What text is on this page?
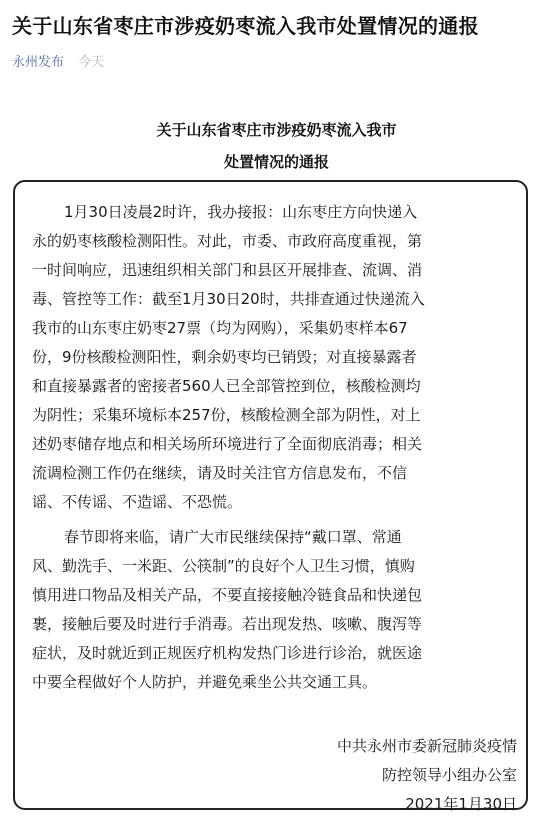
关于山东省枣庄市涉疫奶枣流入我市处置情况的通报
永州发布 今天
关于山东省枣庄市涉疫奶枣流入我市
处置情况的通报
1月30日凌晨2时许，我办接报：山东枣庄方向快递入
永的奶枣核酸检测阳性。对此，市委、市政府高度重视，第
一时间响应，迅速组织相关部门和县区开展排查、流调、消
毒、管控等工作：截至1月30日20时，共排查通过快递流入
我市的山东枣庄奶枣27票（均为网购），采集奶枣样本67
份，9份核酸检测阳性，剩余奶枣均已销毁；对直接暴露者
和直接暴露者的密接者560人已全部管控到位，核酸检测均
为阴性；采集环境标本257份，核酸检测全部为阴性，对上
述奶枣储存地点和相关场所环境进行了全面彻底消毒；相关
流调检测工作仍在继续，请及时关注官方信息发布，不信
谣、不传谣、不造谣、不恐慌。
春节即将来临，请广大市民继续保持“戴口罩、常通
风、勤洗手、一米距、公筷制”的良好个人卫生习惯，慎购
慎用进口物品及相关产品，不要直接接触冷链食品和快递包
裹，接触后要及时进行手消毒。若出现发热、咳嗽、腹泻等
症状，及时就近到正规医疗机构发热门诊进行诊治，就医途
中要全程做好个人防护，并避免乘坐公共交通工具。
中共永州市委新冠肺炎疫情
防控领导小组办公室
2021年1月30日
